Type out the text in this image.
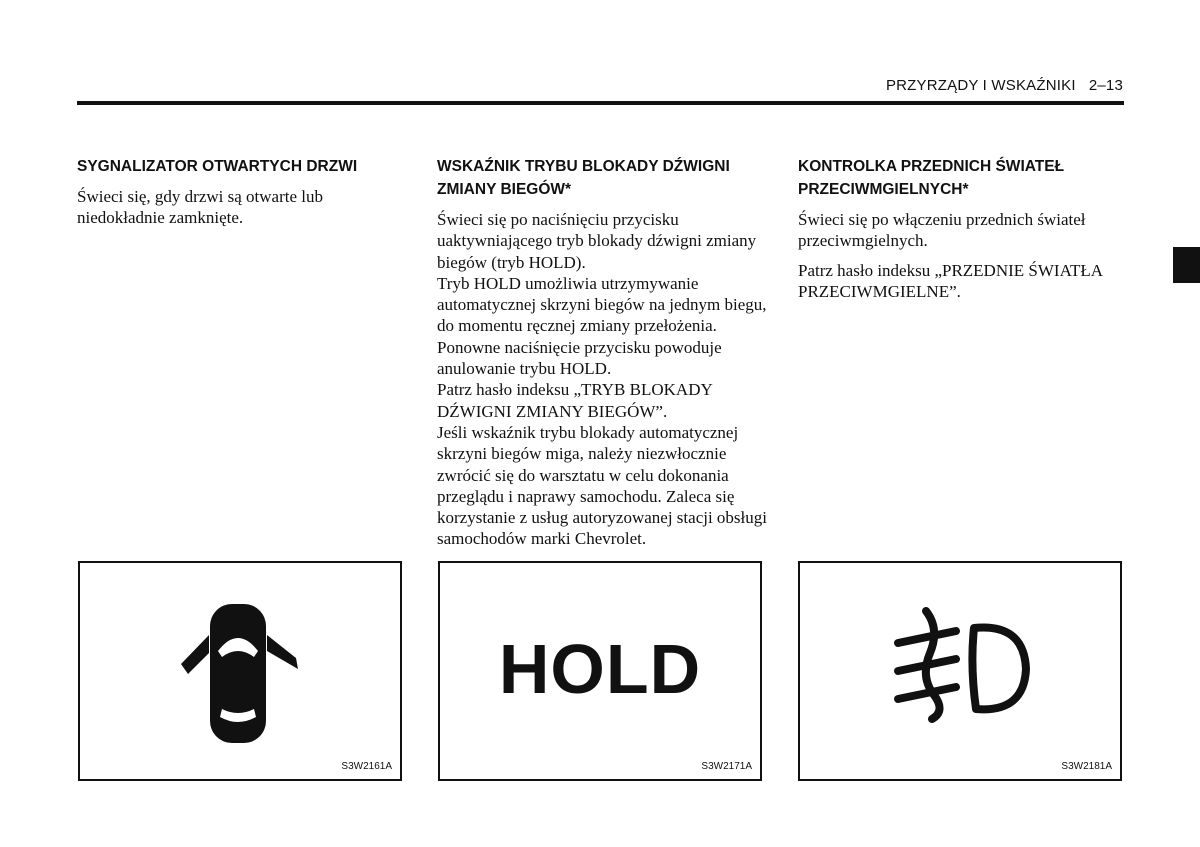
PRZYRZĄDY I WSKAŹNIKI 2–13
SYGNALIZATOR OTWARTYCH DRZWI

Świeci się, gdy drzwi są otwarte lub niedokładnie zamknięte.

WSKAŹNIK TRYBU BLOKADY DŹWIGNI ZMIANY BIEGÓW*

Świeci się po naciśnięciu przycisku uaktywniającego tryb blokady dźwigni zmiany biegów (tryb HOLD).

Tryb HOLD umożliwia utrzymywanie automatycznej skrzyni biegów na jednym biegu, do momentu ręcznej zmiany przełożenia.

Ponowne naciśnięcie przycisku powoduje anulowanie trybu HOLD.

Patrz hasło indeksu „TRYB BLOKADY DŹWIGNI ZMIANY BIEGÓW”.

Jeśli wskaźnik trybu blokady automatycznej skrzyni biegów miga, należy niezwłocznie zwrócić się do warsztatu w celu dokonania przeglądu i naprawy samochodu. Zaleca się korzystanie z usług autoryzowanej stacji obsługi samochodów marki Chevrolet.

KONTROLKA PRZEDNICH ŚWIATEŁ PRZECIWMGIELNYCH*

Świeci się po włączeniu przednich świateł przeciwmgielnych.

Patrz hasło indeksu „PRZEDNIE ŚWIATŁA PRZECIWMGIELNE”.

S3W2161A
HOLD
S3W2171A	S3W2181A
